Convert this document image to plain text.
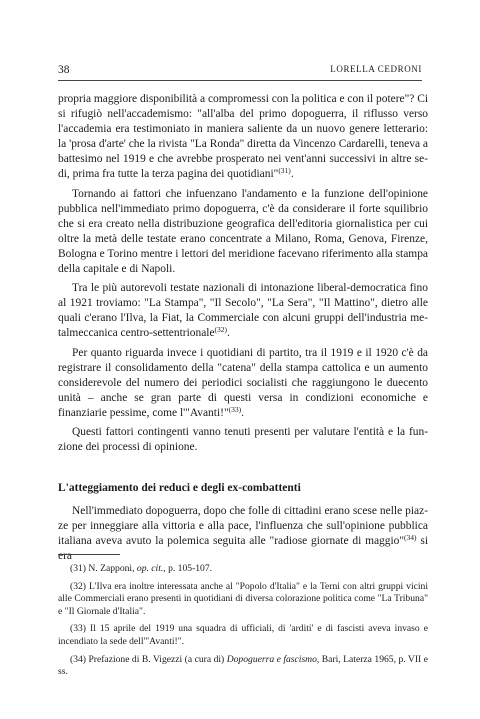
38	LORELLA CEDRONI

propria maggiore disponibilità a compromessi con la politica e con il potere"? Ci si rifugiò nell'accademismo: "all'alba del primo dopoguerra, il riflusso verso l'accademia era testimoniato in maniera saliente da un nuovo genere letterario: la 'prosa d'arte' che la rivista "La Ronda" diretta da Vincenzo Cardarelli, teneva a battesimo nel 1919 e che avrebbe prosperato nei vent'anni successivi in altre sedi, prima fra tutte la terza pagina dei quotidiani"$^{(31)}$.

Tornando ai fattori che infuenzano l'andamento e la funzione dell'opinione pubblica nell'immediato primo dopoguerra, c'è da considerare il forte squilibrio che si era creato nella distribuzione geografica dell'editoria giornalistica per cui oltre la metà delle testate erano concentrate a Milano, Roma, Genova, Firenze, Bologna e Torino mentre i lettori del meridione facevano riferimento alla stampa della capitale e di Napoli.

Tra le più autorevoli testate nazionali di intonazione liberal-democratica fino al 1921 troviamo: "La Stampa", "Il Secolo", "La Sera", "Il Mattino", dietro alle quali c'erano l'Ilva, la Fiat, la Commerciale con alcuni gruppi dell'industria metalmeccanica centro-settentrionale$^{(32)}$.

Per quanto riguarda invece i quotidiani di partito, tra il 1919 e il 1920 c'è da registrare il consolidamento della "catena" della stampa cattolica e un aumento considerevole del numero dei periodici socialisti che raggiungono le duecento unità – anche se gran parte di questi versa in condizioni economiche e finanziarie pessime, come l'"Avanti!"$^{(33)}$.

Questi fattori contingenti vanno tenuti presenti per valutare l'entità e la funzione dei processi di opinione.

L'atteggiamento dei reduci e degli ex-combattenti

Nell'immediato dopoguerra, dopo che folle di cittadini erano scese nelle piazze per inneggiare alla vittoria e alla pace, l'influenza che sull'opinione pubblica italiana aveva avuto la polemica seguita alle "radiose giornate di maggio"$^{(34)}$ si era

(31) N. Zapponi, op. cit., p. 105-107.

(32) L'Ilva era inoltre interessata anche al "Popolo d'Italia" e la Terni con altri gruppi vicini alle Commerciali erano presenti in quotidiani di diversa colorazione politica come "La Tribuna" e "Il Giornale d'Italia".

(33) Il 15 aprile del 1919 una squadra di ufficiali, di 'arditi' e di fascisti aveva invaso e incendiato la sede dell'"Avanti!".

(34) Prefazione di B. Vigezzi (a cura di) Dopoguerra e fascismo, Bari, Laterza 1965, p. VII e ss.
